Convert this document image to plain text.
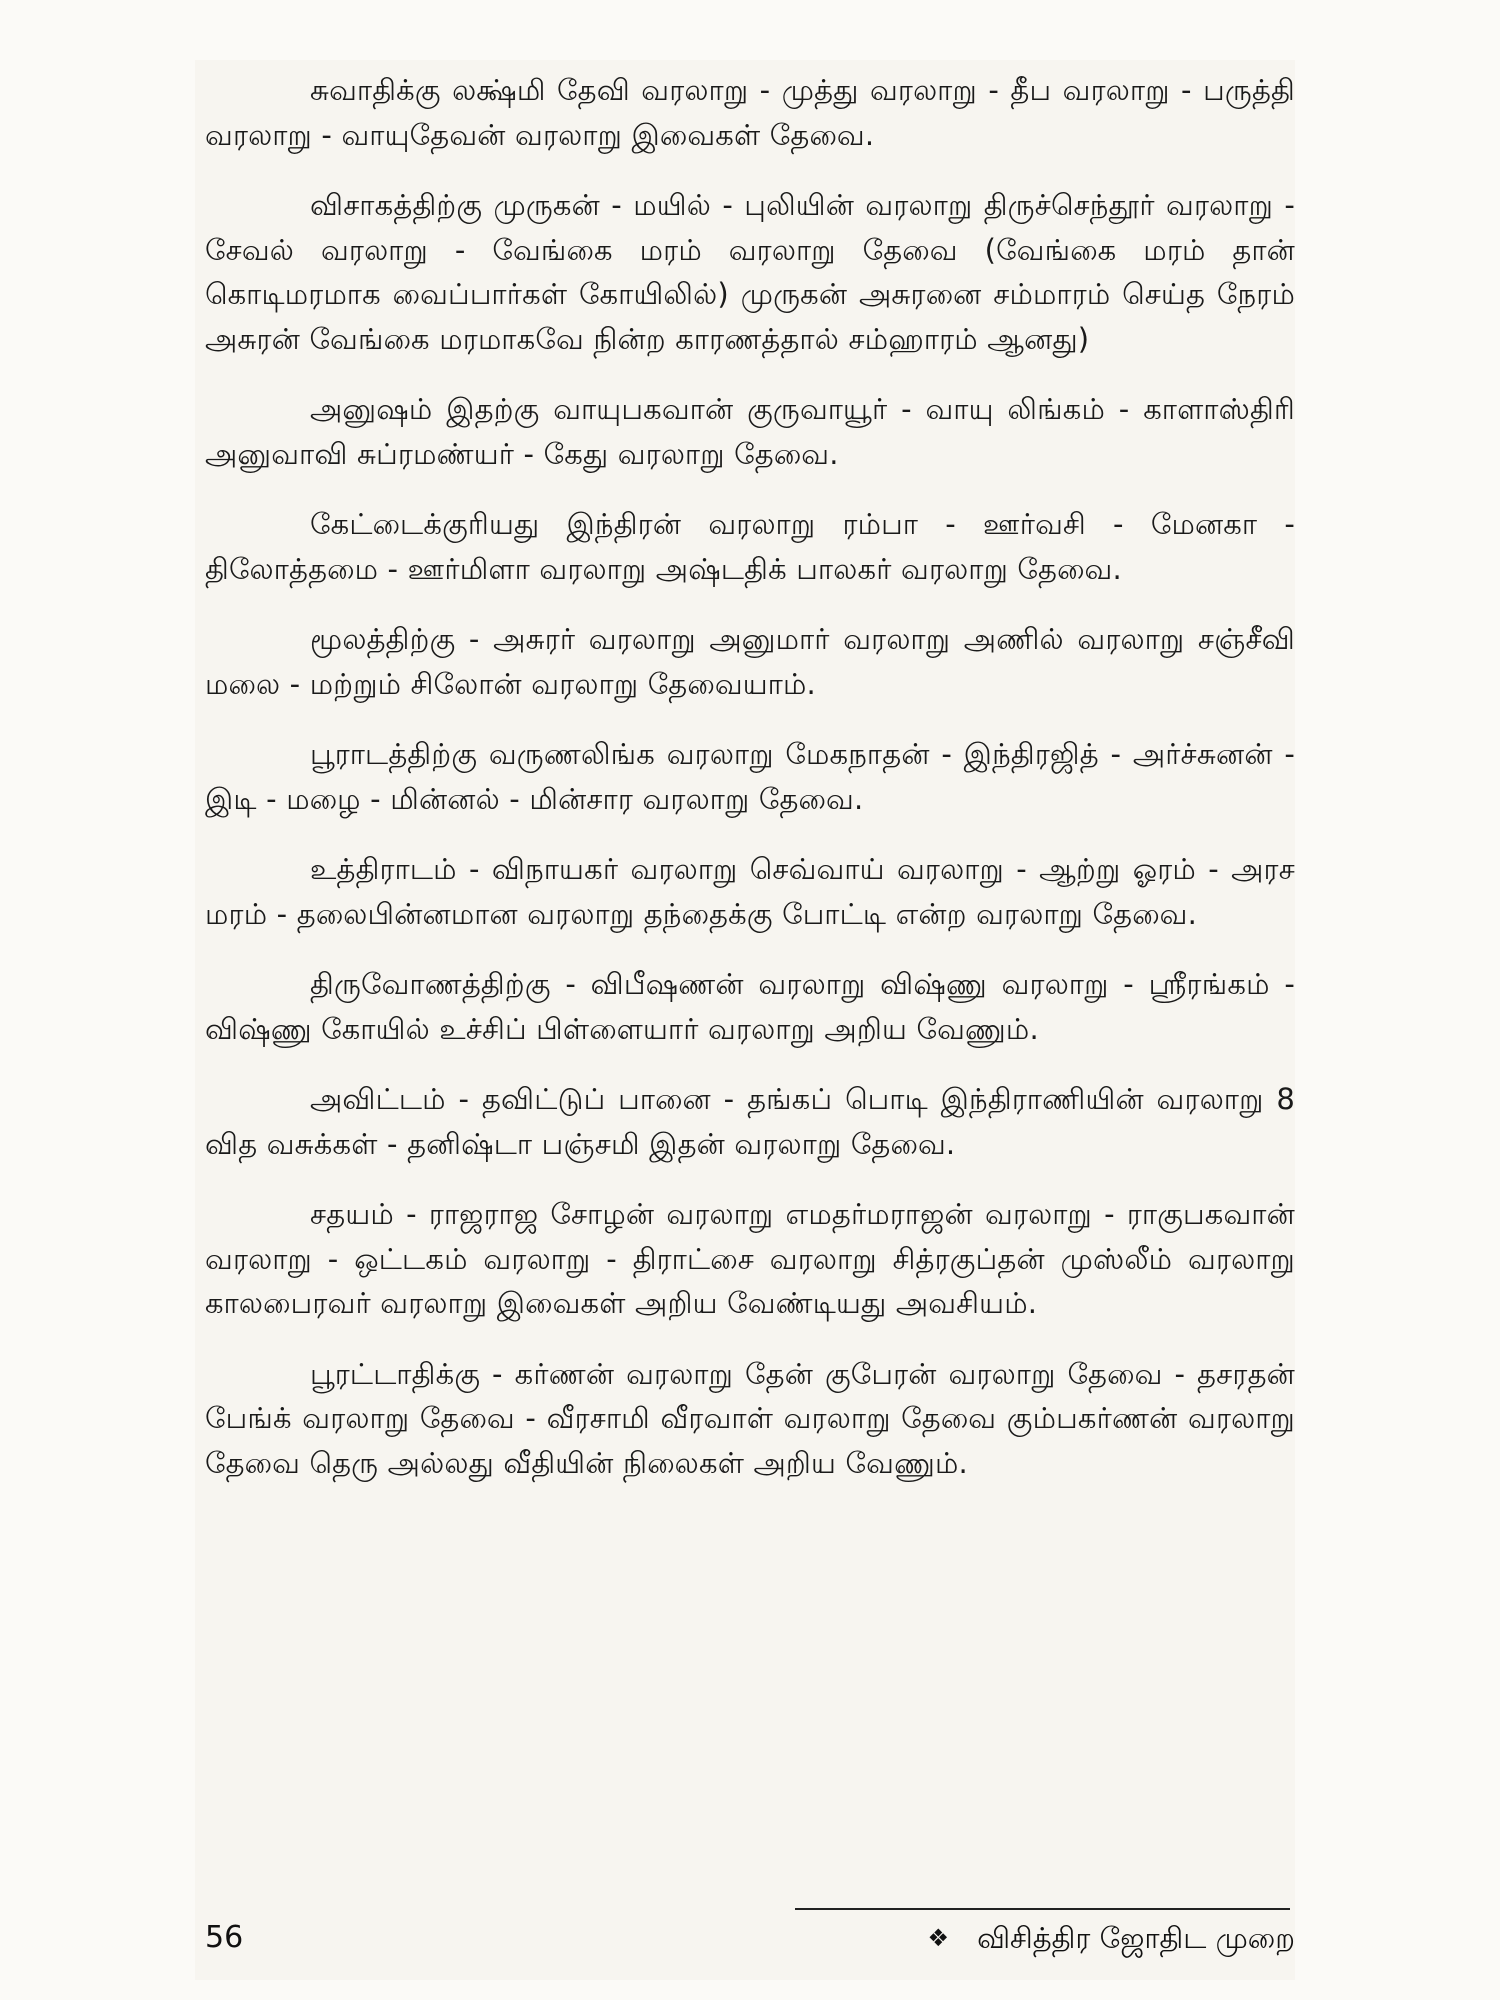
சுவாதிக்கு லக்ஷ்மி தேவி வரலாறு - முத்து வரலாறு - தீப வரலாறு - பருத்தி வரலாறு - வாயுதேவன் வரலாறு இவைகள் தேவை.

விசாகத்திற்கு முருகன் - மயில் - புலியின் வரலாறு திருச்செந்தூர் வரலாறு - சேவல் வரலாறு - வேங்கை மரம் வரலாறு தேவை (வேங்கை மரம் தான் கொடிமரமாக வைப்பார்கள் கோயிலில்) முருகன் அசுரனை சம்மாரம் செய்த நேரம் அசுரன் வேங்கை மரமாகவே நின்ற காரணத்தால் சம்ஹாரம் ஆனது)

அனுஷம் இதற்கு வாயுபகவான் குருவாயூர் - வாயு லிங்கம் - காளாஸ்திரி அனுவாவி சுப்ரமண்யர் - கேது வரலாறு தேவை.

கேட்டைக்குரியது இந்திரன் வரலாறு ரம்பா - ஊர்வசி - மேனகா - திலோத்தமை - ஊர்மிளா வரலாறு அஷ்டதிக் பாலகர் வரலாறு தேவை.

மூலத்திற்கு - அசுரர் வரலாறு அனுமார் வரலாறு அணில் வரலாறு சஞ்சீவி மலை - மற்றும் சிலோன் வரலாறு தேவையாம்.

பூராடத்திற்கு வருணலிங்க வரலாறு மேகநாதன் - இந்திரஜித் - அர்ச்சுனன் - இடி - மழை - மின்னல் - மின்சார வரலாறு தேவை.

உத்திராடம் - விநாயகர் வரலாறு செவ்வாய் வரலாறு - ஆற்று ஓரம் - அரச மரம் - தலைபின்னமான வரலாறு தந்தைக்கு போட்டி என்ற வரலாறு தேவை.

திருவோணத்திற்கு - விபீஷணன் வரலாறு விஷ்ணு வரலாறு - ஸ்ரீரங்கம் - விஷ்ணு கோயில் உச்சிப் பிள்ளையார் வரலாறு அறிய வேணும்.

அவிட்டம் - தவிட்டுப் பானை - தங்கப் பொடி இந்திராணியின் வரலாறு 8 வித வசுக்கள் - தனிஷ்டா பஞ்சமி இதன் வரலாறு தேவை.

சதயம் - ராஜராஜ சோழன் வரலாறு எமதர்மராஜன் வரலாறு - ராகுபகவான் வரலாறு - ஒட்டகம் வரலாறு - திராட்சை வரலாறு சித்ரகுப்தன் முஸ்லீம் வரலாறு காலபைரவர் வரலாறு இவைகள் அறிய வேண்டியது அவசியம்.

பூரட்டாதிக்கு - கர்ணன் வரலாறு தேன் குபேரன் வரலாறு தேவை - தசரதன் பேங்க் வரலாறு தேவை - வீரசாமி வீரவாள் வரலாறு தேவை கும்பகர்ணன் வரலாறு தேவை தெரு அல்லது வீதியின் நிலைகள் அறிய வேணும்.

56	❖ விசித்திர ஜோதிட முறை
